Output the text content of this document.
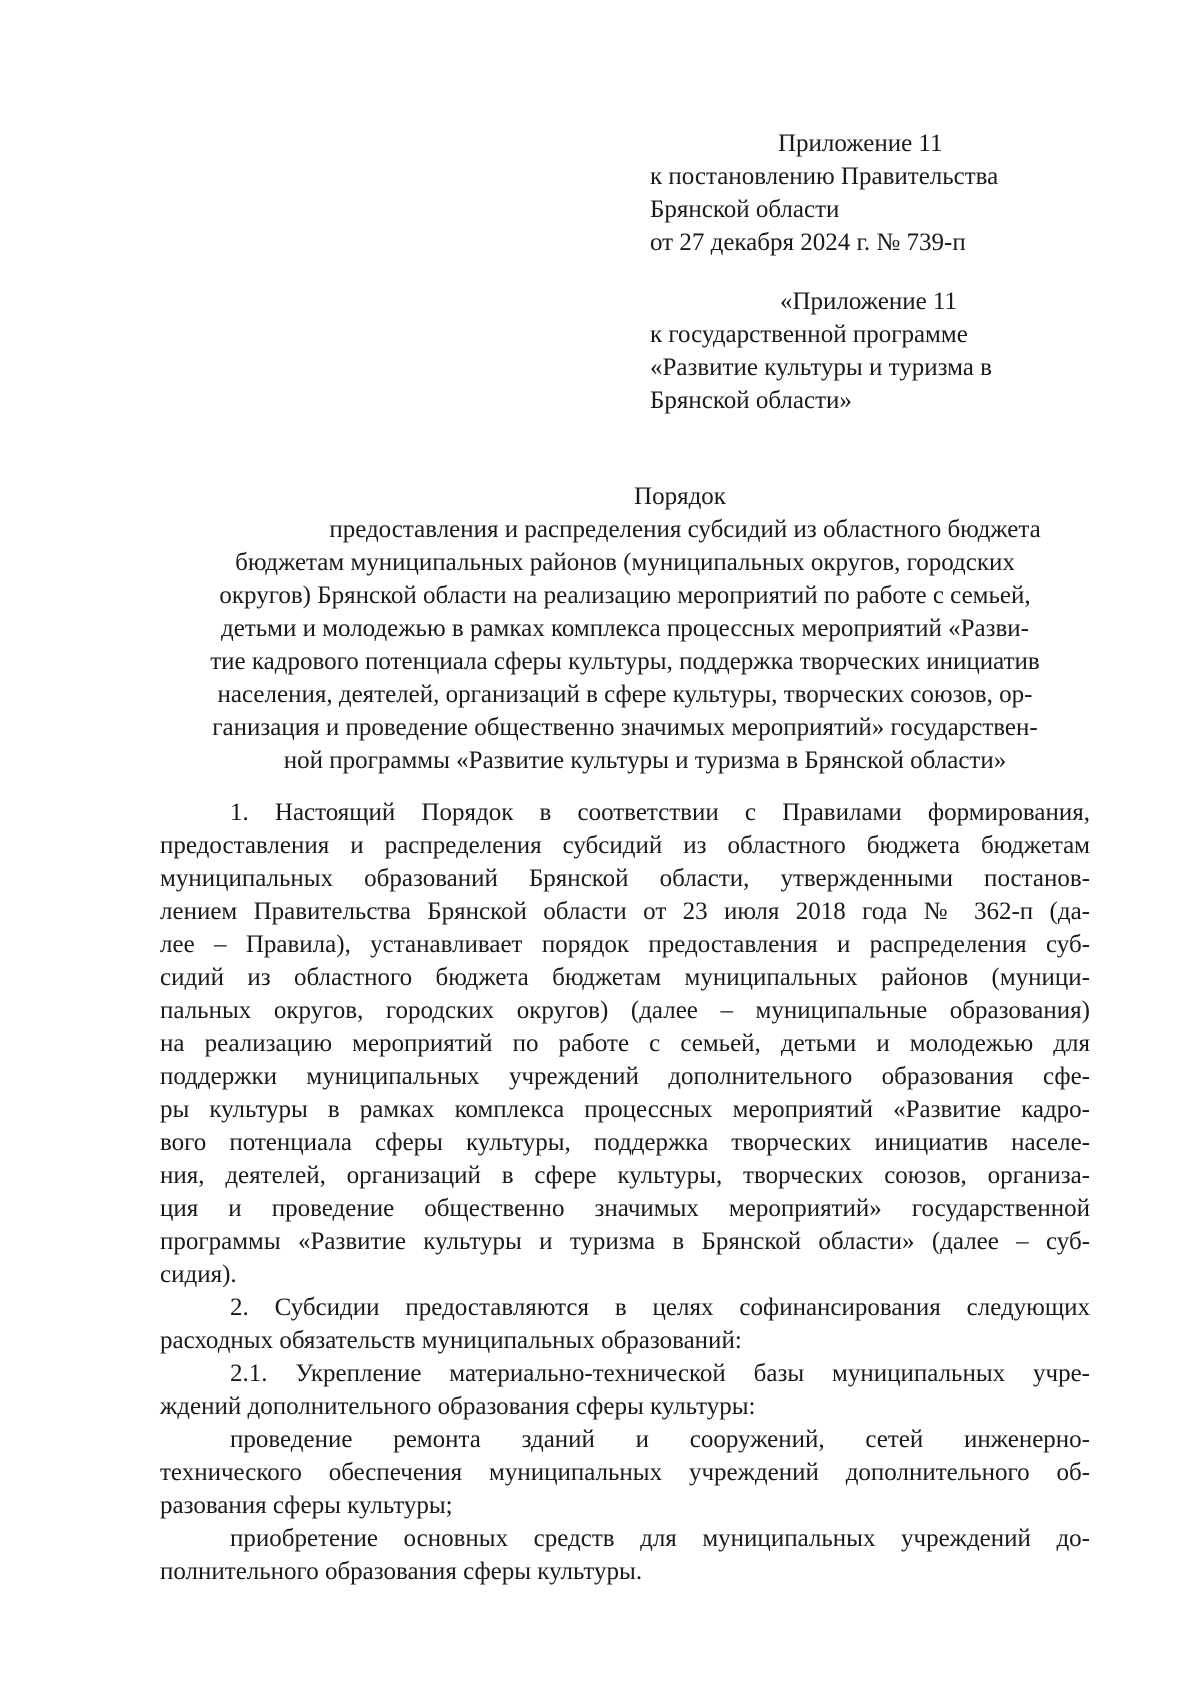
Приложение 11
к постановлению Правительства
Брянской области
от 27 декабря 2024 г. № 739-п
«Приложение 11
к государственной программе
«Развитие культуры и туризма в
Брянской области»
Порядок
предоставления и распределения субсидий из областного бюджета
бюджетам муниципальных районов (муниципальных округов, городских
округов) Брянской области на реализацию мероприятий по работе с семьей,
детьми и молодежью в рамках комплекса процессных мероприятий «Разви-
тие кадрового потенциала сферы культуры, поддержка творческих инициатив
населения, деятелей, организаций в сфере культуры, творческих союзов, ор-
ганизация и проведение общественно значимых мероприятий» государствен-
ной программы «Развитие культуры и туризма в Брянской области»
1. Настоящий Порядок в соответствии с Правилами формирования,
предоставления и распределения субсидий из областного бюджета бюджетам
муниципальных образований Брянской области, утвержденными постанов-
лением Правительства Брянской области от 23 июля 2018 года № 362-п (да-
лее – Правила), устанавливает порядок предоставления и распределения суб-
сидий из областного бюджета бюджетам муниципальных районов (муници-
пальных округов, городских округов) (далее – муниципальные образования)
на реализацию мероприятий по работе с семьей, детьми и молодежью для
поддержки муниципальных учреждений дополнительного образования сфе-
ры культуры в рамках комплекса процессных мероприятий «Развитие кадро-
вого потенциала сферы культуры, поддержка творческих инициатив населе-
ния, деятелей, организаций в сфере культуры, творческих союзов, организа-
ция и проведение общественно значимых мероприятий» государственной
программы «Развитие культуры и туризма в Брянской области» (далее – суб-
сидия).
2. Субсидии предоставляются в целях софинансирования следующих
расходных обязательств муниципальных образований:
2.1. Укрепление материально-технической базы муниципальных учре-
ждений дополнительного образования сферы культуры:
проведение ремонта зданий и сооружений, сетей инженерно-
технического обеспечения муниципальных учреждений дополнительного об-
разования сферы культуры;
приобретение основных средств для муниципальных учреждений до-
полнительного образования сферы культуры.
